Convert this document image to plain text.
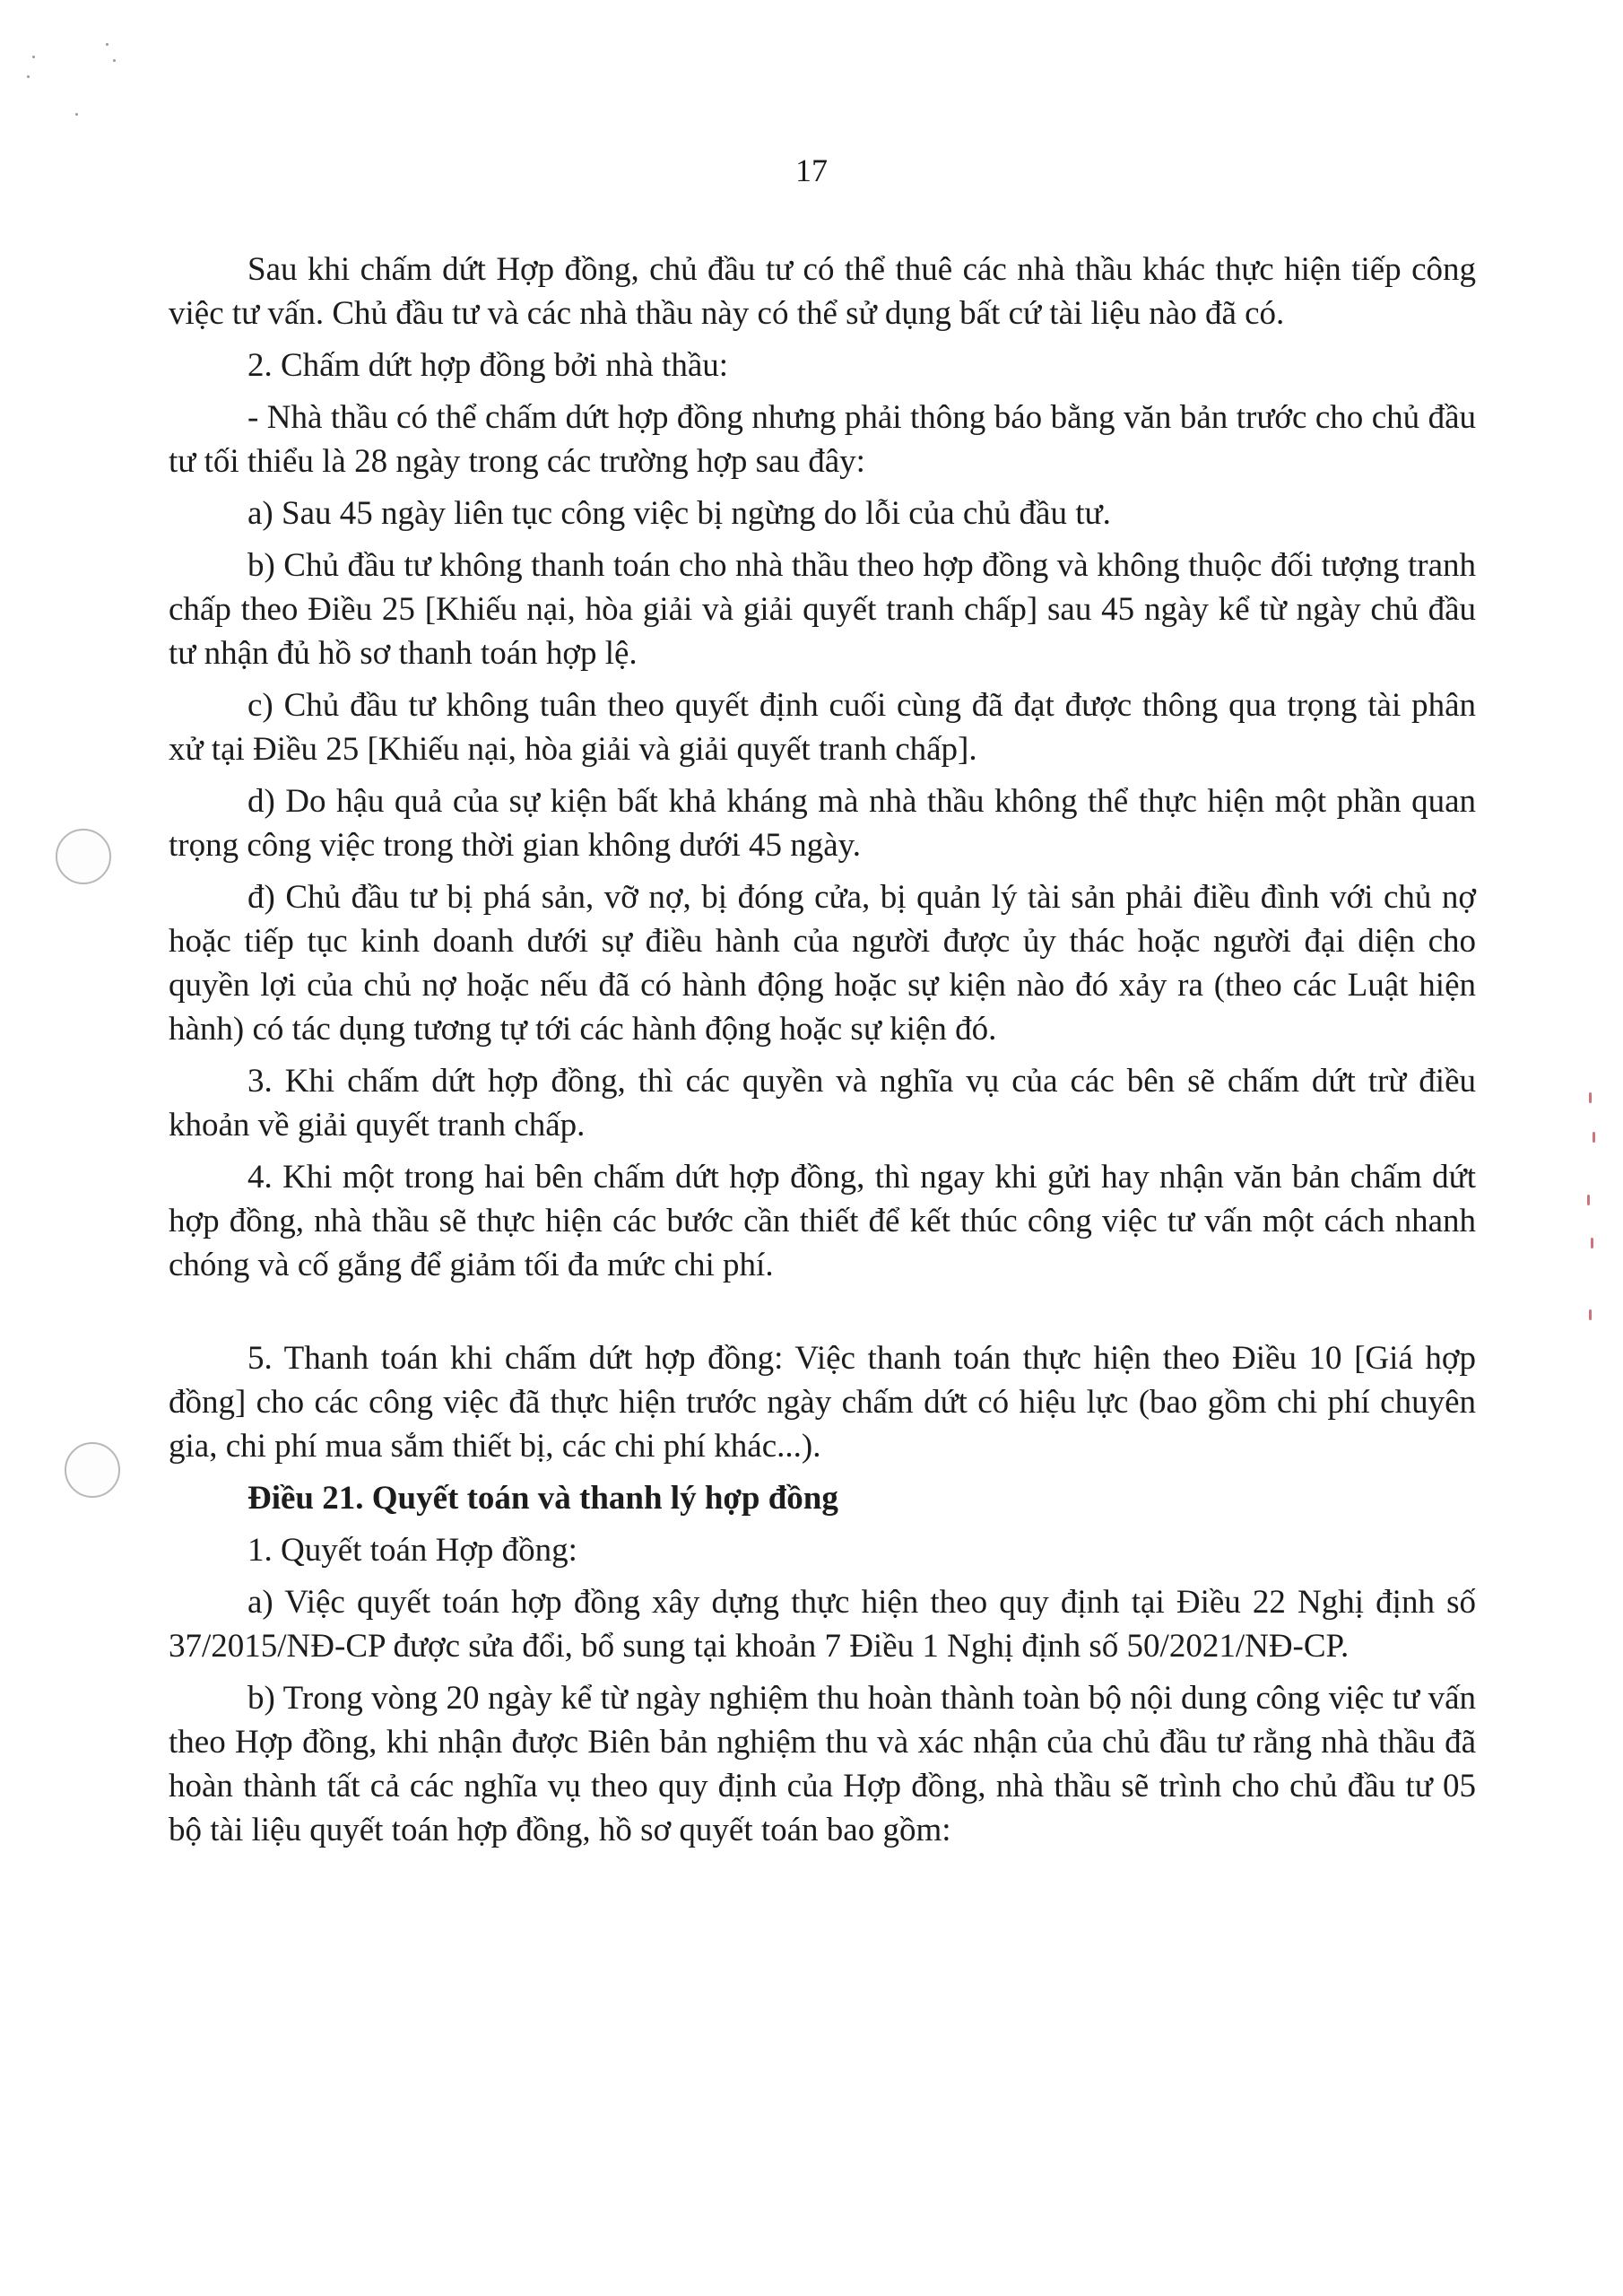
17

Sau khi chấm dứt Hợp đồng, chủ đầu tư có thể thuê các nhà thầu khác thực hiện tiếp công việc tư vấn. Chủ đầu tư và các nhà thầu này có thể sử dụng bất cứ tài liệu nào đã có.

2. Chấm dứt hợp đồng bởi nhà thầu:

- Nhà thầu có thể chấm dứt hợp đồng nhưng phải thông báo bằng văn bản trước cho chủ đầu tư tối thiểu là 28 ngày trong các trường hợp sau đây:

a) Sau 45 ngày liên tục công việc bị ngừng do lỗi của chủ đầu tư.

b) Chủ đầu tư không thanh toán cho nhà thầu theo hợp đồng và không thuộc đối tượng tranh chấp theo Điều 25 [Khiếu nại, hòa giải và giải quyết tranh chấp] sau 45 ngày kể từ ngày chủ đầu tư nhận đủ hồ sơ thanh toán hợp lệ.

c) Chủ đầu tư không tuân theo quyết định cuối cùng đã đạt được thông qua trọng tài phân xử tại Điều 25 [Khiếu nại, hòa giải và giải quyết tranh chấp].

d) Do hậu quả của sự kiện bất khả kháng mà nhà thầu không thể thực hiện một phần quan trọng công việc trong thời gian không dưới 45 ngày.

đ) Chủ đầu tư bị phá sản, vỡ nợ, bị đóng cửa, bị quản lý tài sản phải điều đình với chủ nợ hoặc tiếp tục kinh doanh dưới sự điều hành của người được ủy thác hoặc người đại diện cho quyền lợi của chủ nợ hoặc nếu đã có hành động hoặc sự kiện nào đó xảy ra (theo các Luật hiện hành) có tác dụng tương tự tới các hành động hoặc sự kiện đó.

3. Khi chấm dứt hợp đồng, thì các quyền và nghĩa vụ của các bên sẽ chấm dứt trừ điều khoản về giải quyết tranh chấp.

4. Khi một trong hai bên chấm dứt hợp đồng, thì ngay khi gửi hay nhận văn bản chấm dứt hợp đồng, nhà thầu sẽ thực hiện các bước cần thiết để kết thúc công việc tư vấn một cách nhanh chóng và cố gắng để giảm tối đa mức chi phí.

5. Thanh toán khi chấm dứt hợp đồng: Việc thanh toán thực hiện theo Điều 10 [Giá hợp đồng] cho các công việc đã thực hiện trước ngày chấm dứt có hiệu lực (bao gồm chi phí chuyên gia, chi phí mua sắm thiết bị, các chi phí khác...).

Điều 21. Quyết toán và thanh lý hợp đồng

1. Quyết toán Hợp đồng:

a) Việc quyết toán hợp đồng xây dựng thực hiện theo quy định tại Điều 22 Nghị định số 37/2015/NĐ-CP được sửa đổi, bổ sung tại khoản 7 Điều 1 Nghị định số 50/2021/NĐ-CP.

b) Trong vòng 20 ngày kể từ ngày nghiệm thu hoàn thành toàn bộ nội dung công việc tư vấn theo Hợp đồng, khi nhận được Biên bản nghiệm thu và xác nhận của chủ đầu tư rằng nhà thầu đã hoàn thành tất cả các nghĩa vụ theo quy định của Hợp đồng, nhà thầu sẽ trình cho chủ đầu tư 05 bộ tài liệu quyết toán hợp đồng, hồ sơ quyết toán bao gồm:
